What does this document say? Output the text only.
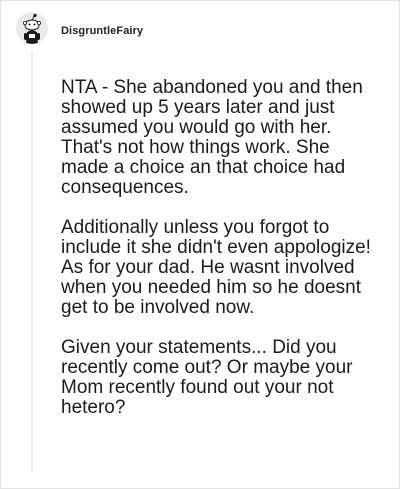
DisgruntleFairy

NTA - She abandoned you and then showed up 5 years later and just assumed you would go with her. That's not how things work. She made a choice an that choice had consequences.

Additionally unless you forgot to include it she didn't even appologize! As for your dad. He wasnt involved when you needed him so he doesnt get to be involved now.

Given your statements... Did you recently come out? Or maybe your Mom recently found out your not hetero?
